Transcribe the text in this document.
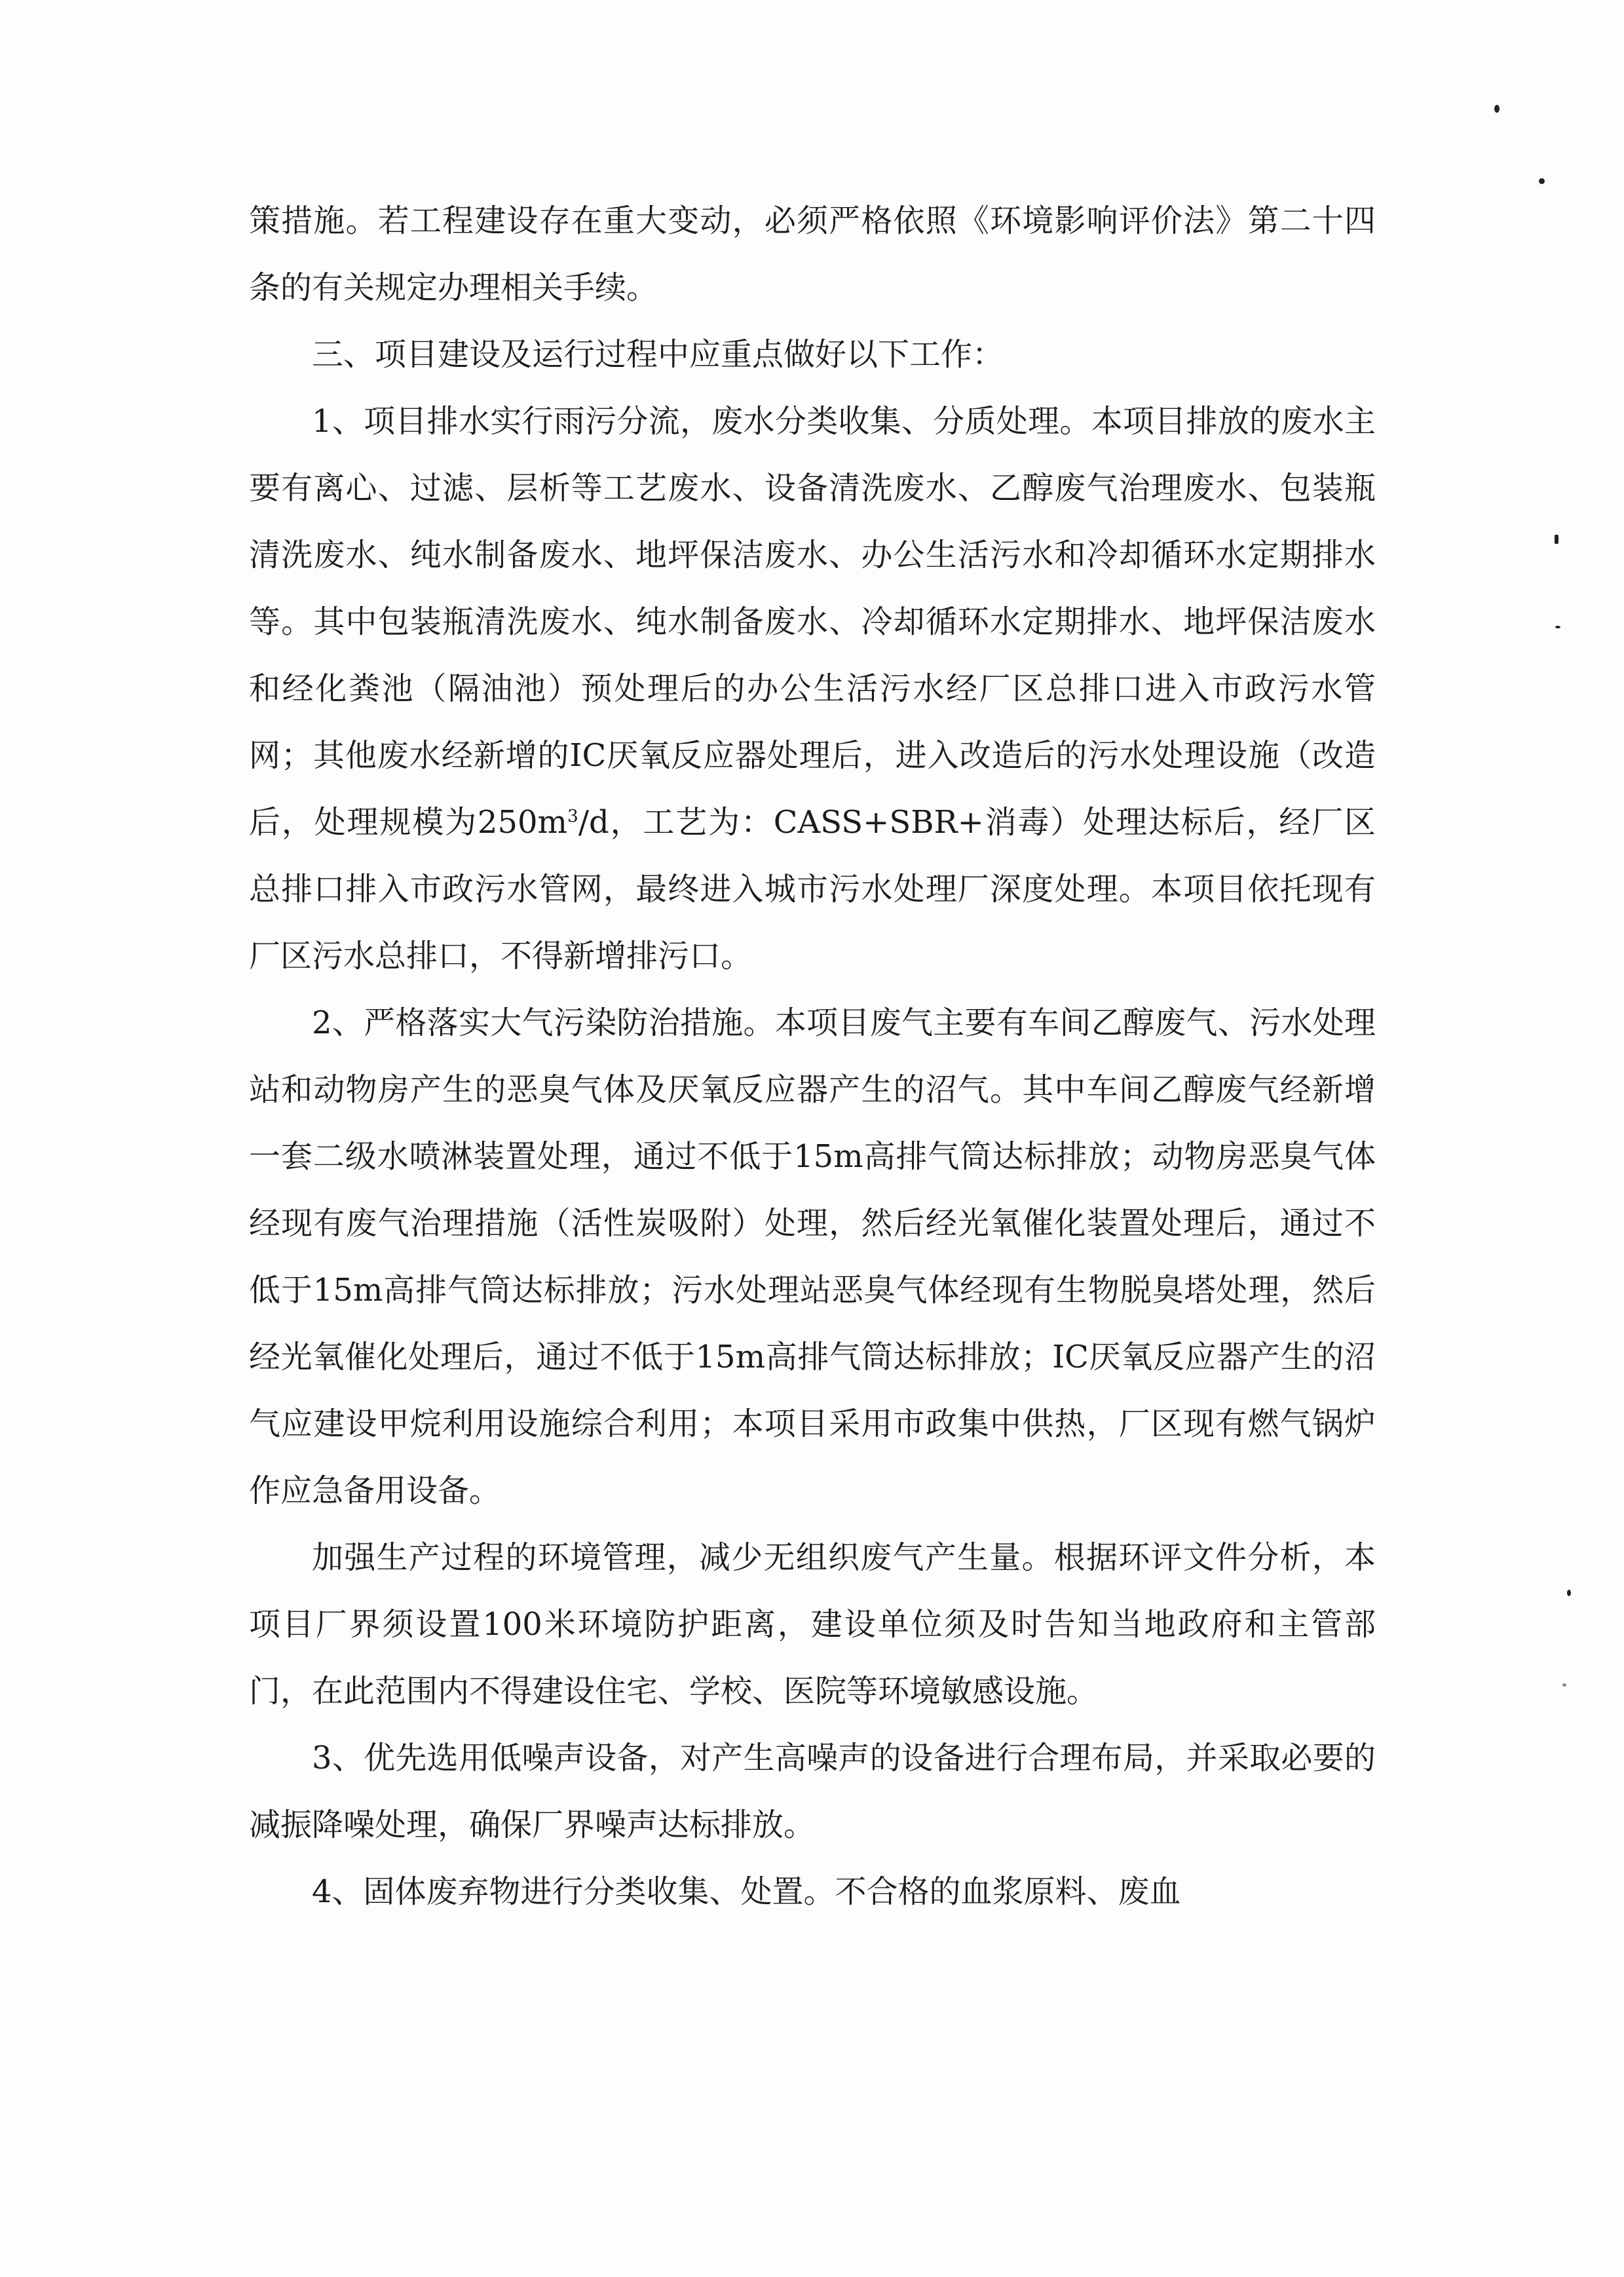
策措施。若工程建设存在重大变动，必须严格依照《环境影响评价法》第二十四条的有关规定办理相关手续。

三、项目建设及运行过程中应重点做好以下工作：

1、项目排水实行雨污分流，废水分类收集、分质处理。本项目排放的废水主要有离心、过滤、层析等工艺废水、设备清洗废水、乙醇废气治理废水、包装瓶清洗废水、纯水制备废水、地坪保洁废水、办公生活污水和冷却循环水定期排水等。其中包装瓶清洗废水、纯水制备废水、冷却循环水定期排水、地坪保洁废水和经化粪池（隔油池）预处理后的办公生活污水经厂区总排口进入市政污水管网；其他废水经新增的IC厌氧反应器处理后，进入改造后的污水处理设施（改造后，处理规模为$250m^3/d$，工艺为：CASS+SBR+消毒）处理达标后，经厂区总排口排入市政污水管网，最终进入城市污水处理厂深度处理。本项目依托现有厂区污水总排口，不得新增排污口。

2、严格落实大气污染防治措施。本项目废气主要有车间乙醇废气、污水处理站和动物房产生的恶臭气体及厌氧反应器产生的沼气。其中车间乙醇废气经新增一套二级水喷淋装置处理，通过不低于15m高排气筒达标排放；动物房恶臭气体经现有废气治理措施（活性炭吸附）处理，然后经光氧催化装置处理后，通过不低于15m高排气筒达标排放；污水处理站恶臭气体经现有生物脱臭塔处理，然后经光氧催化处理后，通过不低于15m高排气筒达标排放；IC厌氧反应器产生的沼气应建设甲烷利用设施综合利用；本项目采用市政集中供热，厂区现有燃气锅炉作应急备用设备。

加强生产过程的环境管理，减少无组织废气产生量。根据环评文件分析，本项目厂界须设置100米环境防护距离，建设单位须及时告知当地政府和主管部门，在此范围内不得建设住宅、学校、医院等环境敏感设施。

3、优先选用低噪声设备，对产生高噪声的设备进行合理布局，并采取必要的减振降噪处理，确保厂界噪声达标排放。

4、固体废弃物进行分类收集、处置。不合格的血浆原料、废血
